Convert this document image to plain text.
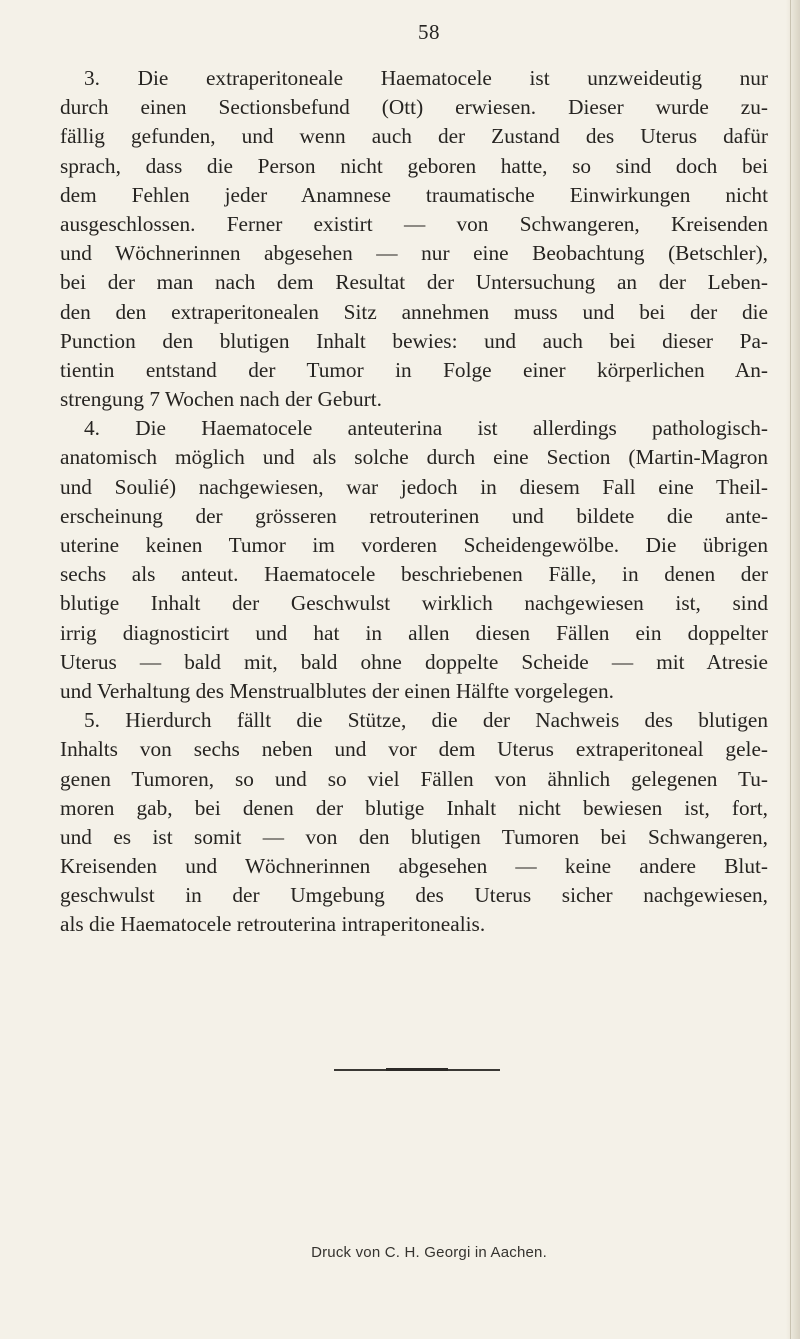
58
3. Die extraperitoneale Haematocele ist unzweideutig nur
durch einen Sectionsbefund (Ott) erwiesen. Dieser wurde zu-
fällig gefunden, und wenn auch der Zustand des Uterus dafür
sprach, dass die Person nicht geboren hatte, so sind doch bei
dem Fehlen jeder Anamnese traumatische Einwirkungen nicht
ausgeschlossen. Ferner existirt — von Schwangeren, Kreisenden
und Wöchnerinnen abgesehen — nur eine Beobachtung (Betschler),
bei der man nach dem Resultat der Untersuchung an der Leben-
den den extraperitonealen Sitz annehmen muss und bei der die
Punction den blutigen Inhalt bewies: und auch bei dieser Pa-
tientin entstand der Tumor in Folge einer körperlichen An-
strengung 7 Wochen nach der Geburt.
4. Die Haematocele anteuterina ist allerdings pathologisch-
anatomisch möglich und als solche durch eine Section (Martin-Magron
und Soulié) nachgewiesen, war jedoch in diesem Fall eine Theil-
erscheinung der grösseren retrouterinen und bildete die ante-
uterine keinen Tumor im vorderen Scheidengewölbe. Die übrigen
sechs als anteut. Haematocele beschriebenen Fälle, in denen der
blutige Inhalt der Geschwulst wirklich nachgewiesen ist, sind
irrig diagnosticirt und hat in allen diesen Fällen ein doppelter
Uterus — bald mit, bald ohne doppelte Scheide — mit Atresie
und Verhaltung des Menstrualblutes der einen Hälfte vorgelegen.
5. Hierdurch fällt die Stütze, die der Nachweis des blutigen
Inhalts von sechs neben und vor dem Uterus extraperitoneal gele-
genen Tumoren, so und so viel Fällen von ähnlich gelegenen Tu-
moren gab, bei denen der blutige Inhalt nicht bewiesen ist, fort,
und es ist somit — von den blutigen Tumoren bei Schwangeren,
Kreisenden und Wöchnerinnen abgesehen — keine andere Blut-
geschwulst in der Umgebung des Uterus sicher nachgewiesen,
als die Haematocele retrouterina intraperitonealis.
Druck von C. H. Georgi in Aachen.
